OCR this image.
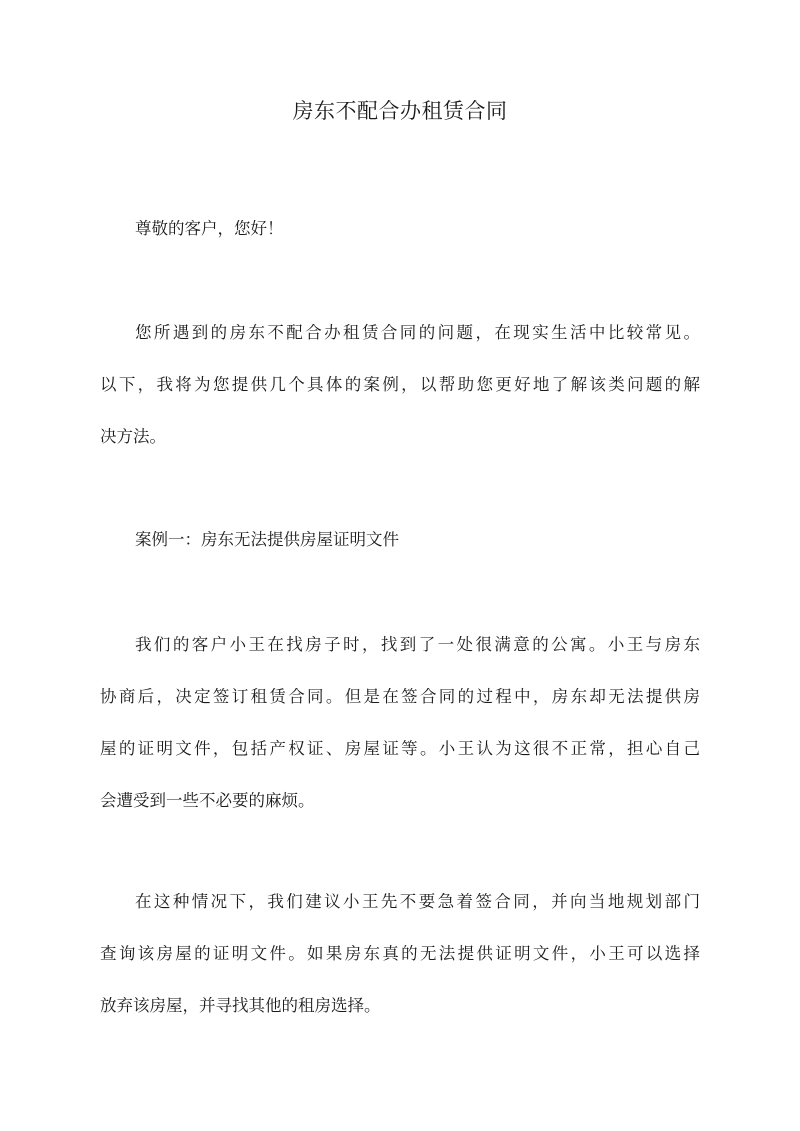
房东不配合办租赁合同
尊敬的客户，您好！
您所遇到的房东不配合办租赁合同的问题，在现实生活中比较常见。
以下，我将为您提供几个具体的案例，以帮助您更好地了解该类问题的解
决方法。
案例一：房东无法提供房屋证明文件
我们的客户小王在找房子时，找到了一处很满意的公寓。小王与房东
协商后，决定签订租赁合同。但是在签合同的过程中，房东却无法提供房
屋的证明文件，包括产权证、房屋证等。小王认为这很不正常，担心自己
会遭受到一些不必要的麻烦。
在这种情况下，我们建议小王先不要急着签合同，并向当地规划部门
查询该房屋的证明文件。如果房东真的无法提供证明文件，小王可以选择
放弃该房屋，并寻找其他的租房选择。
